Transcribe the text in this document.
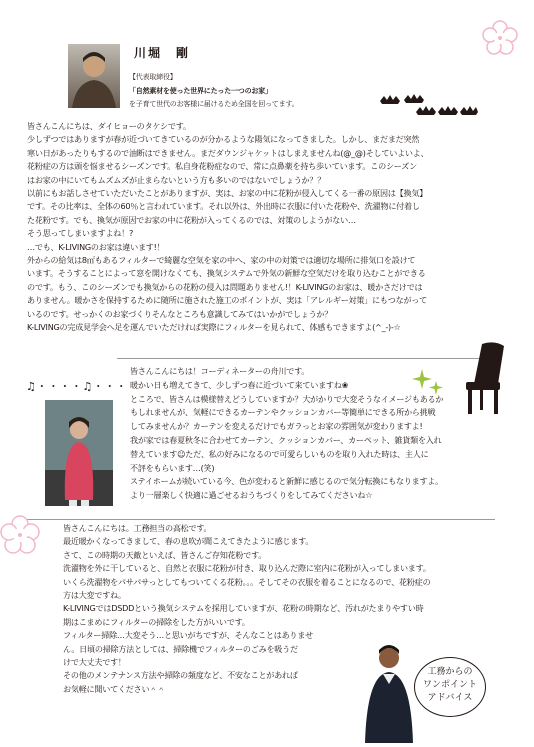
川堀　剛
【代表取締役】
「自然素材を使った世界にたった一つのお家」
を子育て世代のお客様に届けるため全国を回ってます。
皆さんこんにちは、ダイヒョーのタケシです。
少しずつではありますが春が近づいてきているのが分かるような陽気になってきました。しかし、まだまだ突然
寒い日があったりもするので油断はできません。まだダウンジャケットはしまえませんね(@_@)そしていよいよ、
花粉症の方は頭を悩ませるシーズンです。私自身花粉症なので、常に点鼻薬を持ち歩いています。このシーズン
はお家の中にいてもムズムズが止まらないという方も多いのではないでしょうか？？
以前にもお話しさせていただいたことがありますが、実は、お家の中に花粉が侵入してくる一番の原因は【換気】
です。その比率は、全体の60％と言われています。それ以外は、外出時に衣服に付いた花粉や、洗濯物に付着し
た花粉です。でも、換気が原因でお家の中に花粉が入ってくるのでは、対策のしようがない…
そう思ってしまいますよね！?
…でも、K-LIVINGのお家は違います!！
外からの給気は8㎡もあるフィルターで綺麗な空気を家の中へ、家の中の対策では適切な場所に排気口を設けて
います。そうすることによって窓を開けなくても、換気システムで外気の新鮮な空気だけを取り込むことができる
のです。もう、このシーズンでも換気からの花粉の侵入は問題ありません!！K-LIVINGのお家は、暖かさだけでは
ありません。暖かさを保持するために随所に施された施工のポイントが、実は「アレルギー対策」にもつながって
いるのです。せっかくのお家づくりそんなところも意識してみてはいかがでしょうか？
K-LIVINGの完成見学会へ足を運んでいただければ実際にフィルターを見られて、体感もできますよ(^_-)-☆
♫・・・・♫・・・
皆さんこんにちは！コーディネーターの舟川です。
暖かい日も増えてきて、少しずつ春に近づいて来ていますね❀
ところで、皆さんは模様替えどうしていますか？大がかりで大変そうなイメージもあるか
もしれませんが、気軽にできるカーテンやクッションカバー等簡単にできる所から挑戦
してみませんか？カーテンを変えるだけでもガラっとお家の雰囲気が変わりますよ!
我が家では春夏秋冬に合わせてカーテン、クッションカバー、カーペット、雑貨類を入れ
替えています☺ただ、私の好みになるので可愛らしいものを取り入れた時は、主人に
不評をもらいます…(笑)
ステイホームが続いている今、色が変わると新鮮に感じるので気分転換にもなりますよ。
より一層楽しく快適に過ごせるおうちづくりをしてみてくださいね☆
皆さんこんにちは。工務担当の高松です。
最近暖かくなってきまして、春の息吹が聞こえてきたように感じます。
さて、この時期の天敵といえば、皆さんご存知花粉です。
洗濯物を外に干していると、自然と衣服に花粉が付き、取り込んだ際に室内に花粉が入ってしまいます。
いくら洗濯物をパサパサっとしてもついてくる花粉。。。そしてその衣服を着ることになるので、花粉症の
方は大変ですね。
K-LIVINGではDSDDという換気システムを採用していますが、花粉の時期など、汚れがたまりやすい時
期はこまめにフィルターの掃除をした方がいいです。
フィルター掃除…大変そう…と思いがちですが、そんなことはありませ
ん。日頃の掃除方法としては、掃除機でフィルターのごみを吸うだ
けで大丈夫です！
その他のメンテナンス方法や掃除の頻度など、不安なことがあれば
お気軽に聞いてください＾＾
工務からの
ワンポイント
アドバイス
